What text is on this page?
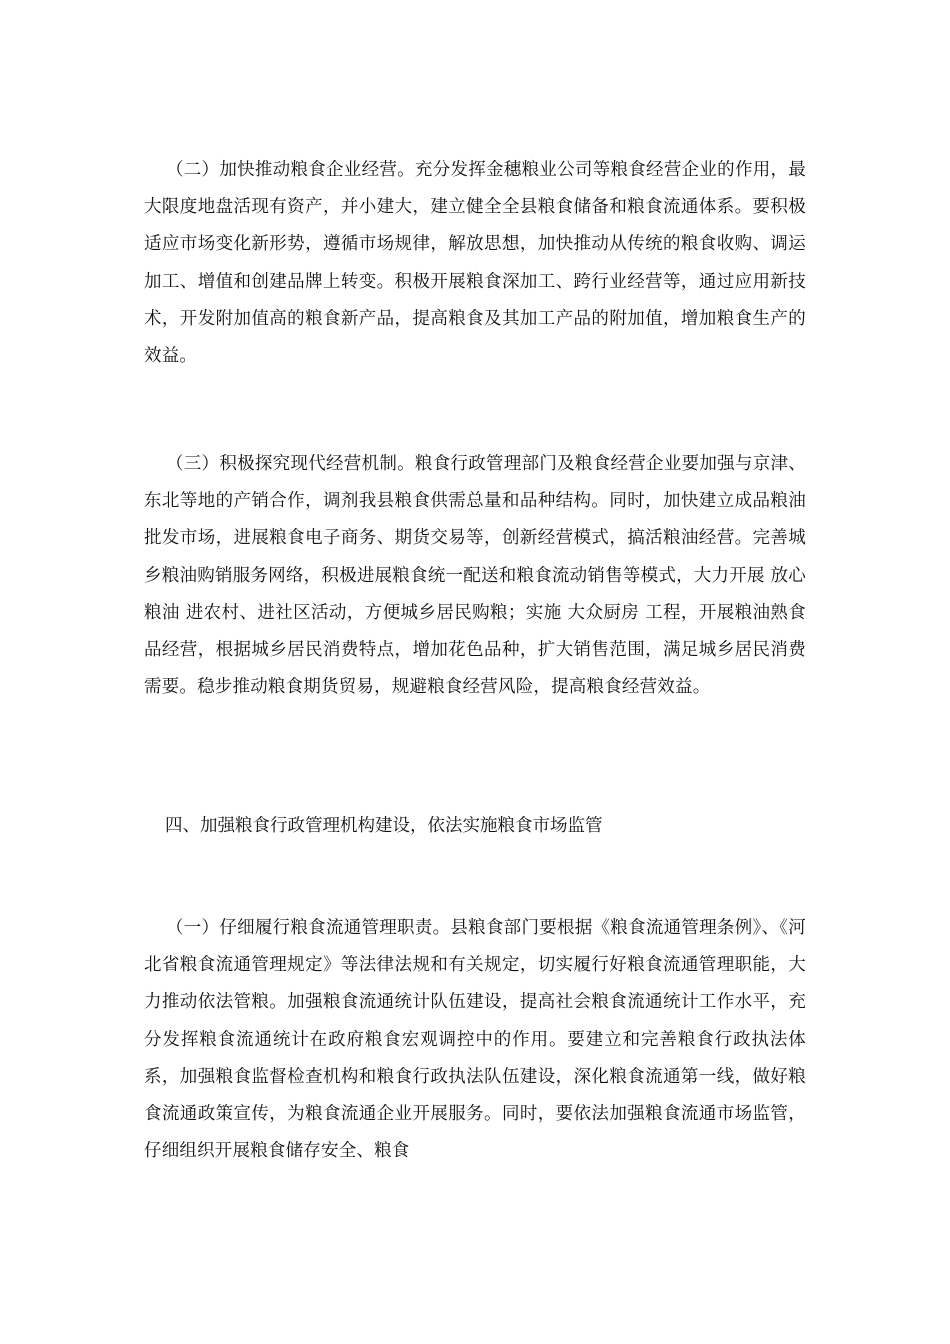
（二）加快推动粮食企业经营。充分发挥金穗粮业公司等粮食经营企业的作用，最大限度地盘活现有资产，并小建大，建立健全全县粮食储备和粮食流通体系。要积极适应市场变化新形势，遵循市场规律，解放思想，加快推动从传统的粮食收购、调运加工、增值和创建品牌上转变。积极开展粮食深加工、跨行业经营等，通过应用新技术，开发附加值高的粮食新产品，提高粮食及其加工产品的附加值，增加粮食生产的效益。

（三）积极探究现代经营机制。粮食行政管理部门及粮食经营企业要加强与京津、东北等地的产销合作，调剂我县粮食供需总量和品种结构。同时，加快建立成品粮油批发市场，进展粮食电子商务、期货交易等，创新经营模式，搞活粮油经营。完善城乡粮油购销服务网络，积极进展粮食统一配送和粮食流动销售等模式，大力开展 放心粮油 进农村、进社区活动，方便城乡居民购粮；实施 大众厨房 工程，开展粮油熟食品经营，根据城乡居民消费特点，增加花色品种，扩大销售范围，满足城乡居民消费需要。稳步推动粮食期货贸易，规避粮食经营风险，提高粮食经营效益。

四、加强粮食行政管理机构建设，依法实施粮食市场监管

（一）仔细履行粮食流通管理职责。县粮食部门要根据《粮食流通管理条例》、《河北省粮食流通管理规定》等法律法规和有关规定，切实履行好粮食流通管理职能，大力推动依法管粮。加强粮食流通统计队伍建设，提高社会粮食流通统计工作水平，充分发挥粮食流通统计在政府粮食宏观调控中的作用。要建立和完善粮食行政执法体系，加强粮食监督检查机构和粮食行政执法队伍建设，深化粮食流通第一线，做好粮食流通政策宣传，为粮食流通企业开展服务。同时，要依法加强粮食流通市场监管，仔细组织开展粮食储存安全、粮食
